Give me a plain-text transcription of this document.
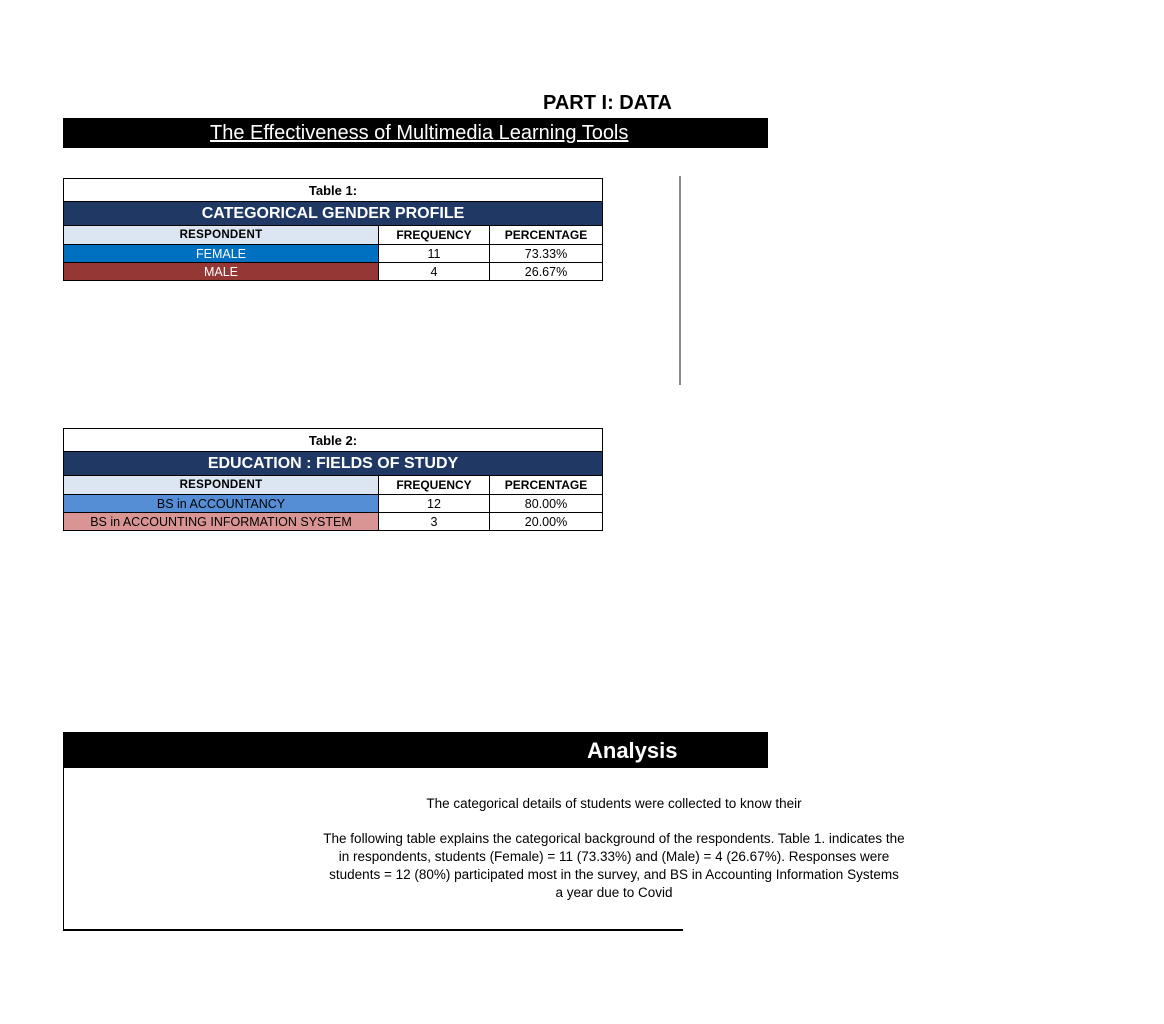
PART I: DATA
The Effectiveness of Multimedia Learning Tools
Table 1:		
CATEGORICAL GENDER PROFILE		
RESPONDENT	FREQUENCY	PERCENTAGE
FEMALE	11	73.33%
MALE	4	26.67%
Table 2:		
EDUCATION : FIELDS OF STUDY		
RESPONDENT	FREQUENCY	PERCENTAGE
BS in ACCOUNTANCY	12	80.00%
BS in ACCOUNTING INFORMATION SYSTEM	3	20.00%
Analysis
The categorical details of students were collected to know their
The following table explains the categorical background of the respondents. Table 1. indicates the
in respondents, students (Female) = 11 (73.33%) and (Male) = 4 (26.67%). Responses were
students = 12 (80%) participated most in the survey, and BS in Accounting Information Systems
a year due to Covid
